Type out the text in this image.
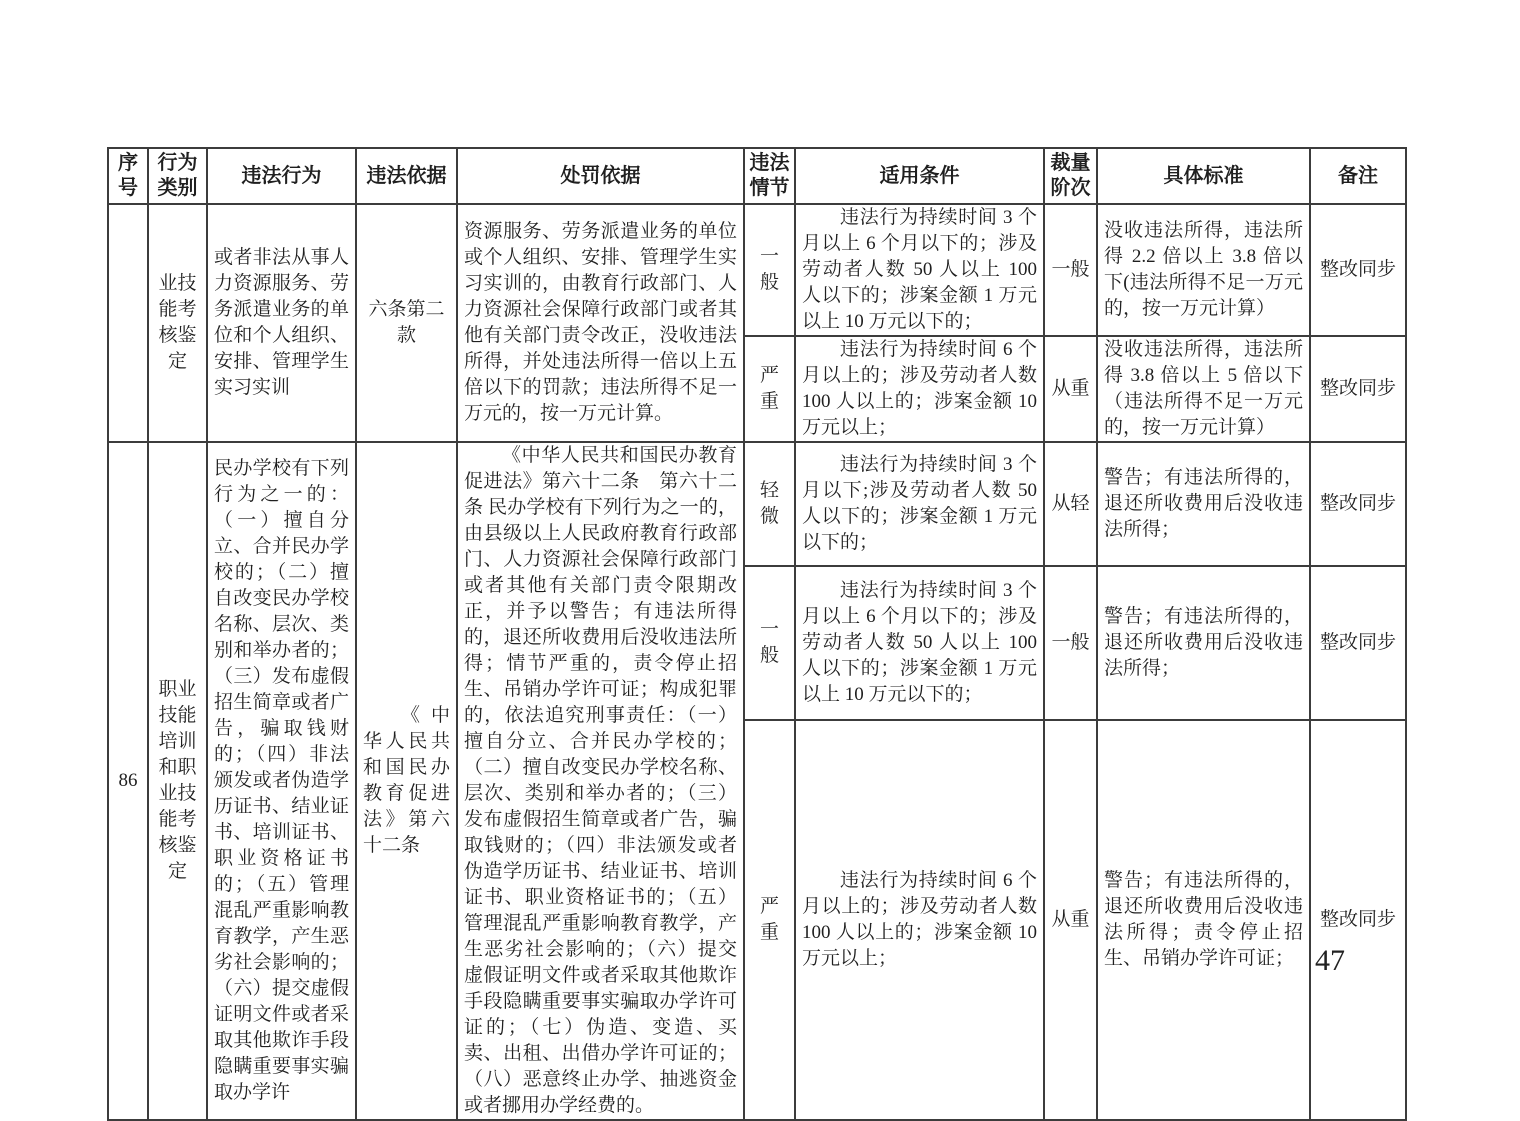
序号	行为类别	违法行为	违法依据	处罚依据	违法情节	适用条件	裁量阶次	具体标准	备注
	业技能考核鉴定	或者非法从事人力资源服务、劳务派遣业务的单位和个人组织、安排、管理学生实习实训	六条第二款	资源服务、劳务派遣业务的单位或个人组织、安排、管理学生实习实训的，由教育行政部门、人力资源社会保障行政部门或者其他有关部门责令改正，没收违法所得，并处违法所得一倍以上五倍以下的罚款；违法所得不足一万元的，按一万元计算。	一般	违法行为持续时间 3 个月以上 6 个月以下的；涉及劳动者人数 50 人以上 100 人以下的；涉案金额 1 万元以上 10 万元以下的；	一般	没收违法所得，违法所得 2.2 倍以上 3.8 倍以下(违法所得不足一万元的，按一万元计算）	整改同步
					严重	违法行为持续时间 6 个月以上的；涉及劳动者人数 100 人以上的；涉案金额 10 万元以上；	从重	没收违法所得，违法所得 3.8 倍以上 5 倍以下（违法所得不足一万元的，按一万元计算）	整改同步
86	职业技能培训和职业技能考核鉴定	民办学校有下列行为之一的：（一）擅自分立、合并民办学校的；（二）擅自改变民办学校名称、层次、类别和举办者的；（三）发布虚假招生简章或者广告，骗取钱财的；（四）非法颁发或者伪造学历证书、结业证书、培训证书、职业资格证书的；（五）管理混乱严重影响教育教学，产生恶劣社会影响的；（六）提交虚假证明文件或者采取其他欺诈手段隐瞒重要事实骗取办学许	《中华人民共和国民办教育促进法》第六十二条	《中华人民共和国民办教育促进法》第六十二条　第六十二条 民办学校有下列行为之一的，由县级以上人民政府教育行政部门、人力资源社会保障行政部门或者其他有关部门责令限期改正，并予以警告；有违法所得的，退还所收费用后没收违法所得；情节严重的，责令停止招生、吊销办学许可证；构成犯罪的，依法追究刑事责任：（一）擅自分立、合并民办学校的；（二）擅自改变民办学校名称、层次、类别和举办者的；（三）发布虚假招生简章或者广告，骗取钱财的；（四）非法颁发或者伪造学历证书、结业证书、培训证书、职业资格证书的；（五）管理混乱严重影响教育教学，产生恶劣社会影响的；（六）提交虚假证明文件或者采取其他欺诈手段隐瞒重要事实骗取办学许可证的；（七）伪造、变造、买卖、出租、出借办学许可证的；（八）恶意终止办学、抽逃资金或者挪用办学经费的。	轻微	违法行为持续时间 3 个月以下;涉及劳动者人数 50 人以下的；涉案金额 1 万元以下的；	从轻	警告；有违法所得的，退还所收费用后没收违法所得；	整改同步
					一般	违法行为持续时间 3 个月以上 6 个月以下的；涉及劳动者人数 50 人以上 100 人以下的；涉案金额 1 万元以上 10 万元以下的；	一般	警告；有违法所得的，退还所收费用后没收违法所得；	整改同步
					严重	违法行为持续时间 6 个月以上的；涉及劳动者人数 100 人以上的；涉案金额 10 万元以上；	从重	警告；有违法所得的，退还所收费用后没收违法所得；责令停止招生、吊销办学许可证；	整改同步
47
